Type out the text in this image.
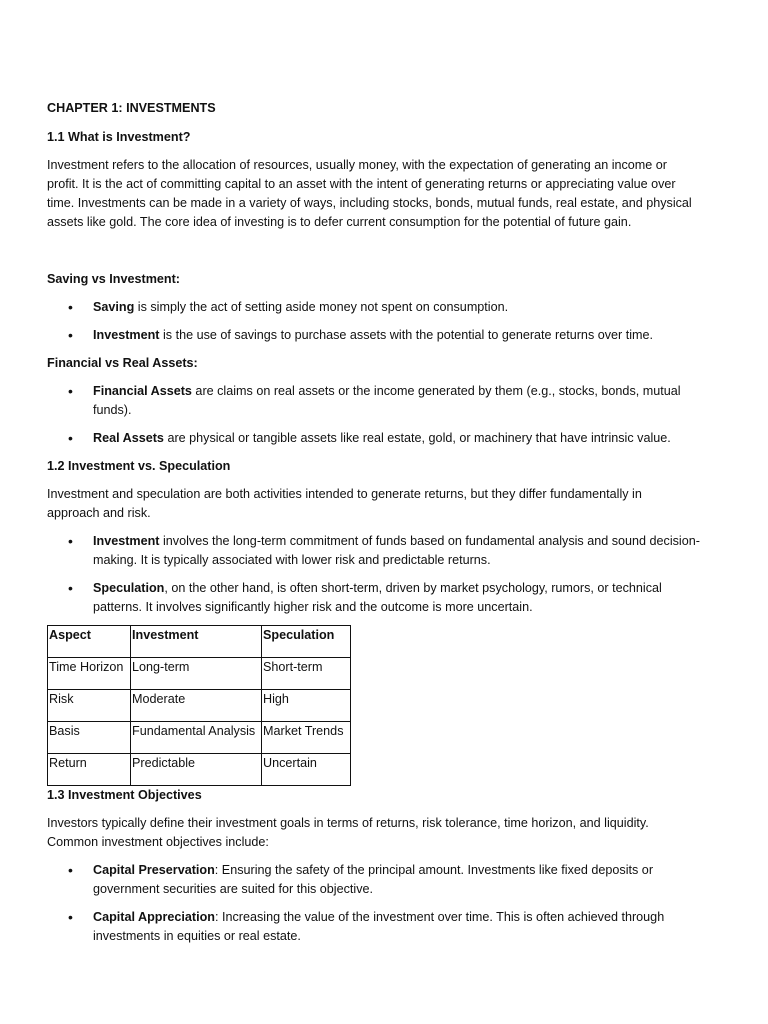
CHAPTER 1: INVESTMENTS

1.1 What is Investment?

Investment refers to the allocation of resources, usually money, with the expectation of generating an income or
profit. It is the act of committing capital to an asset with the intent of generating returns or appreciating value over
time. Investments can be made in a variety of ways, including stocks, bonds, mutual funds, real estate, and physical
assets like gold. The core idea of investing is to defer current consumption for the potential of future gain.

Saving vs Investment:

• Saving is simply the act of setting aside money not spent on consumption.
• Investment is the use of savings to purchase assets with the potential to generate returns over time.

Financial vs Real Assets:

• Financial Assets are claims on real assets or the income generated by them (e.g., stocks, bonds, mutual
funds).
• Real Assets are physical or tangible assets like real estate, gold, or machinery that have intrinsic value.

1.2 Investment vs. Speculation

Investment and speculation are both activities intended to generate returns, but they differ fundamentally in
approach and risk.
• Investment involves the long-term commitment of funds based on fundamental analysis and sound decision-
making. It is typically associated with lower risk and predictable returns.
• Speculation, on the other hand, is often short-term, driven by market psychology, rumors, or technical
patterns. It involves significantly higher risk and the outcome is more uncertain.
Aspect	Investment	Speculation
Time Horizon	Long-term	Short-term
Risk	Moderate	High
Basis	Fundamental Analysis	Market Trends
Return	Predictable	Uncertain

1.3 Investment Objectives

Investors typically define their investment goals in terms of returns, risk tolerance, time horizon, and liquidity.
Common investment objectives include:
• Capital Preservation: Ensuring the safety of the principal amount. Investments like fixed deposits or
government securities are suited for this objective.
• Capital Appreciation: Increasing the value of the investment over time. This is often achieved through
investments in equities or real estate.
